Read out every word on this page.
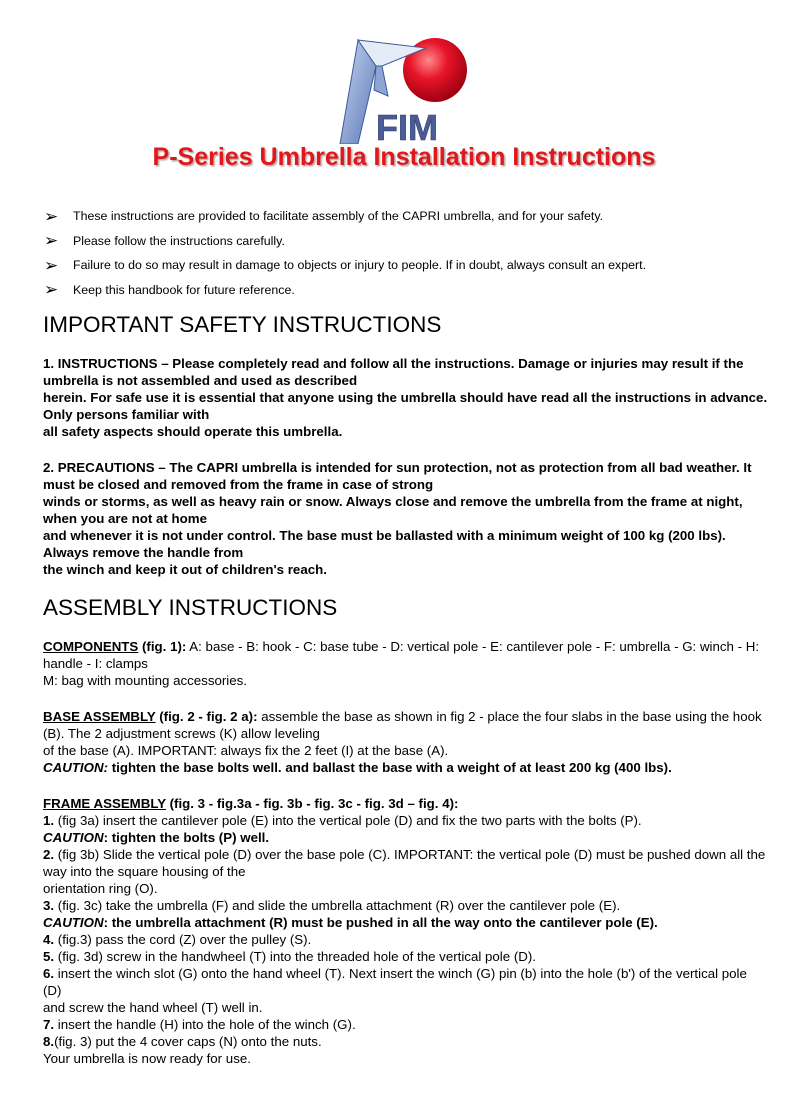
FIM
P-Series Umbrella Installation Instructions
➢	These instructions are provided to facilitate assembly of the CAPRI umbrella, and for your safety.
➢	Please follow the instructions carefully.
➢	Failure to do so may result in damage to objects or injury to people. If in doubt, always consult an expert.
➢	Keep this handbook for future reference.
IMPORTANT SAFETY INSTRUCTIONS

1. INSTRUCTIONS – Please completely read and follow all the instructions. Damage or injuries may result if the umbrella is not assembled and used as described

herein. For safe use it is essential that anyone using the umbrella should have read all the instructions in advance. Only persons familiar with

all safety aspects should operate this umbrella.

2. PRECAUTIONS – The CAPRI umbrella is intended for sun protection, not as protection from all bad weather. It must be closed and removed from the frame in case of strong

winds or storms, as well as heavy rain or snow. Always close and remove the umbrella from the frame at night, when you are not at home

and whenever it is not under control. The base must be ballasted with a minimum weight of 100 kg (200 lbs). Always remove the handle from

the winch and keep it out of children's reach.

ASSEMBLY INSTRUCTIONS

COMPONENTS (fig. 1): A: base - B: hook - C: base tube - D: vertical pole - E: cantilever pole - F: umbrella - G: winch - H: handle - I: clamps

M: bag with mounting accessories.

BASE ASSEMBLY (fig. 2 - fig. 2 a): assemble the base as shown in fig 2 - place the four slabs in the base using the hook (B). The 2 adjustment screws (K) allow leveling

of the base (A). IMPORTANT: always fix the 2 feet (I) at the base (A).

CAUTION: tighten the base bolts well. and ballast the base with a weight of at least 200 kg (400 lbs).

FRAME ASSEMBLY (fig. 3 - fig.3a - fig. 3b - fig. 3c - fig. 3d – fig. 4):

1. (fig 3a) insert the cantilever pole (E) into the vertical pole (D) and fix the two parts with the bolts (P).

CAUTION: tighten the bolts (P) well.

2. (fig 3b) Slide the vertical pole (D) over the base pole (C). IMPORTANT: the vertical pole (D) must be pushed down all the way into the square housing of the

orientation ring (O).

3. (fig. 3c) take the umbrella (F) and slide the umbrella attachment (R) over the cantilever pole (E).

CAUTION: the umbrella attachment (R) must be pushed in all the way onto the cantilever pole (E).

4. (fig.3) pass the cord (Z) over the pulley (S).

5. (fig. 3d) screw in the handwheel (T) into the threaded hole of the vertical pole (D).

6. insert the winch slot (G) onto the hand wheel (T). Next insert the winch (G) pin (b) into the hole (b') of the vertical pole (D)

and screw the hand wheel (T) well in.

7. insert the handle (H) into the hole of the winch (G).

8.(fig. 3) put the 4 cover caps (N) onto the nuts.

Your umbrella is now ready for use.
